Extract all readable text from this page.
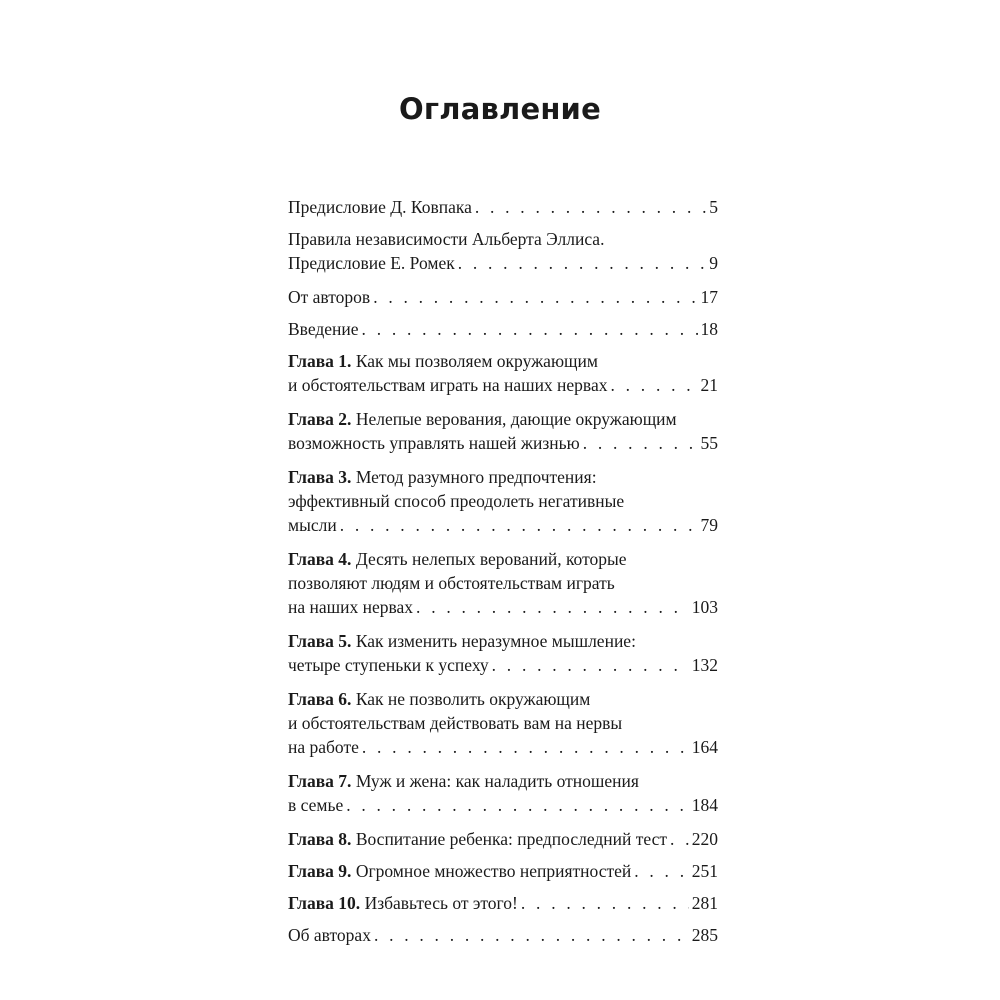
Оглавление
Предисловие Д. Ковпака . . .	5
Правила независимости Альберта Эллиса.
Предисловие Е. Ромек . . .	9
От авторов . . .	17
Введение . . .	18
Глава 1. Как мы позволяем окружающим
и обстоятельствам играть на наших нервах . . .	21
Глава 2. Нелепые верования, дающие окружающим
возможность управлять нашей жизнью . . .	55
Глава 3. Метод разумного предпочтения:
эффективный способ преодолеть негативные
мысли . . .	79
Глава 4. Десять нелепых верований, которые
позволяют людям и обстоятельствам играть
на наших нервах . . .	103
Глава 5. Как изменить неразумное мышление:
четыре ступеньки к успеху . . .	132
Глава 6. Как не позволить окружающим
и обстоятельствам действовать вам на нервы
на работе . . .	164
Глава 7. Муж и жена: как наладить отношения
в семье . . .	184
Глава 8. Воспитание ребенка: предпоследний тест . . . 220
Глава 9. Огромное множество неприятностей . . .	251
Глава 10. Избавьтесь от этого! . . .	281
Об авторах . . .	285
